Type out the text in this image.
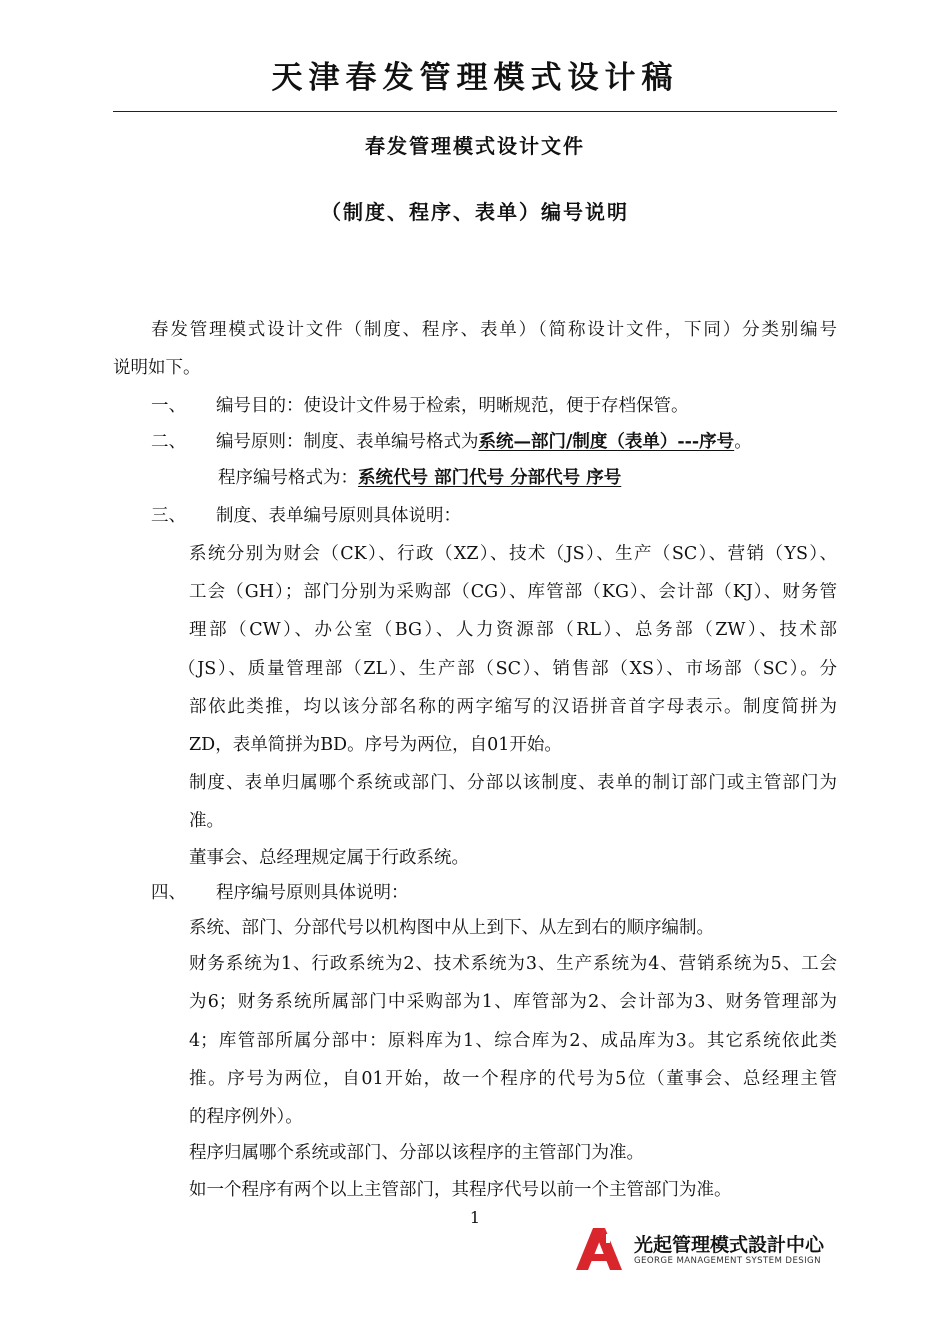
天津春发管理模式设计稿
春发管理模式设计文件
（制度、程序、表单）编号说明
春发管理模式设计文件（制度、程序、表单）（简称设计文件，下同）分类别编号
说明如下。
一、 编号目的：使设计文件易于检索，明晰规范，便于存档保管。
二、 编号原则：制度、表单编号格式为系统—部门/制度（表单）---序号。
程序编号格式为：系统代号 部门代号 分部代号 序号
三、 制度、表单编号原则具体说明：
系统分别为财会（CK）、行政（XZ）、技术（JS）、生产（SC）、营销（YS）、
工会（GH）；部门分别为采购部（CG）、库管部（KG）、会计部（KJ）、财务管
理部（CW）、办公室（BG）、人力资源部（RL）、总务部（ZW）、技术部
（JS）、质量管理部（ZL）、生产部（SC）、销售部（XS）、市场部（SC）。分
部依此类推，均以该分部名称的两字缩写的汉语拼音首字母表示。制度简拼为
ZD，表单简拼为BD。序号为两位，自01开始。
制度、表单归属哪个系统或部门、分部以该制度、表单的制订部门或主管部门为
准。
董事会、总经理规定属于行政系统。
四、 程序编号原则具体说明：
系统、部门、分部代号以机构图中从上到下、从左到右的顺序编制。
财务系统为1、行政系统为2、技术系统为3、生产系统为4、营销系统为5、工会
为6；财务系统所属部门中采购部为1、库管部为2、会计部为3、财务管理部为
4；库管部所属分部中：原料库为1、综合库为2、成品库为3。其它系统依此类
推。序号为两位，自01开始，故一个程序的代号为5位（董事会、总经理主管
的程序例外）。
程序归属哪个系统或部门、分部以该程序的主管部门为准。
如一个程序有两个以上主管部门，其程序代号以前一个主管部门为准。
1
光起管理模式設計中心
GEORGE MANAGEMENT SYSTEM DESIGN
